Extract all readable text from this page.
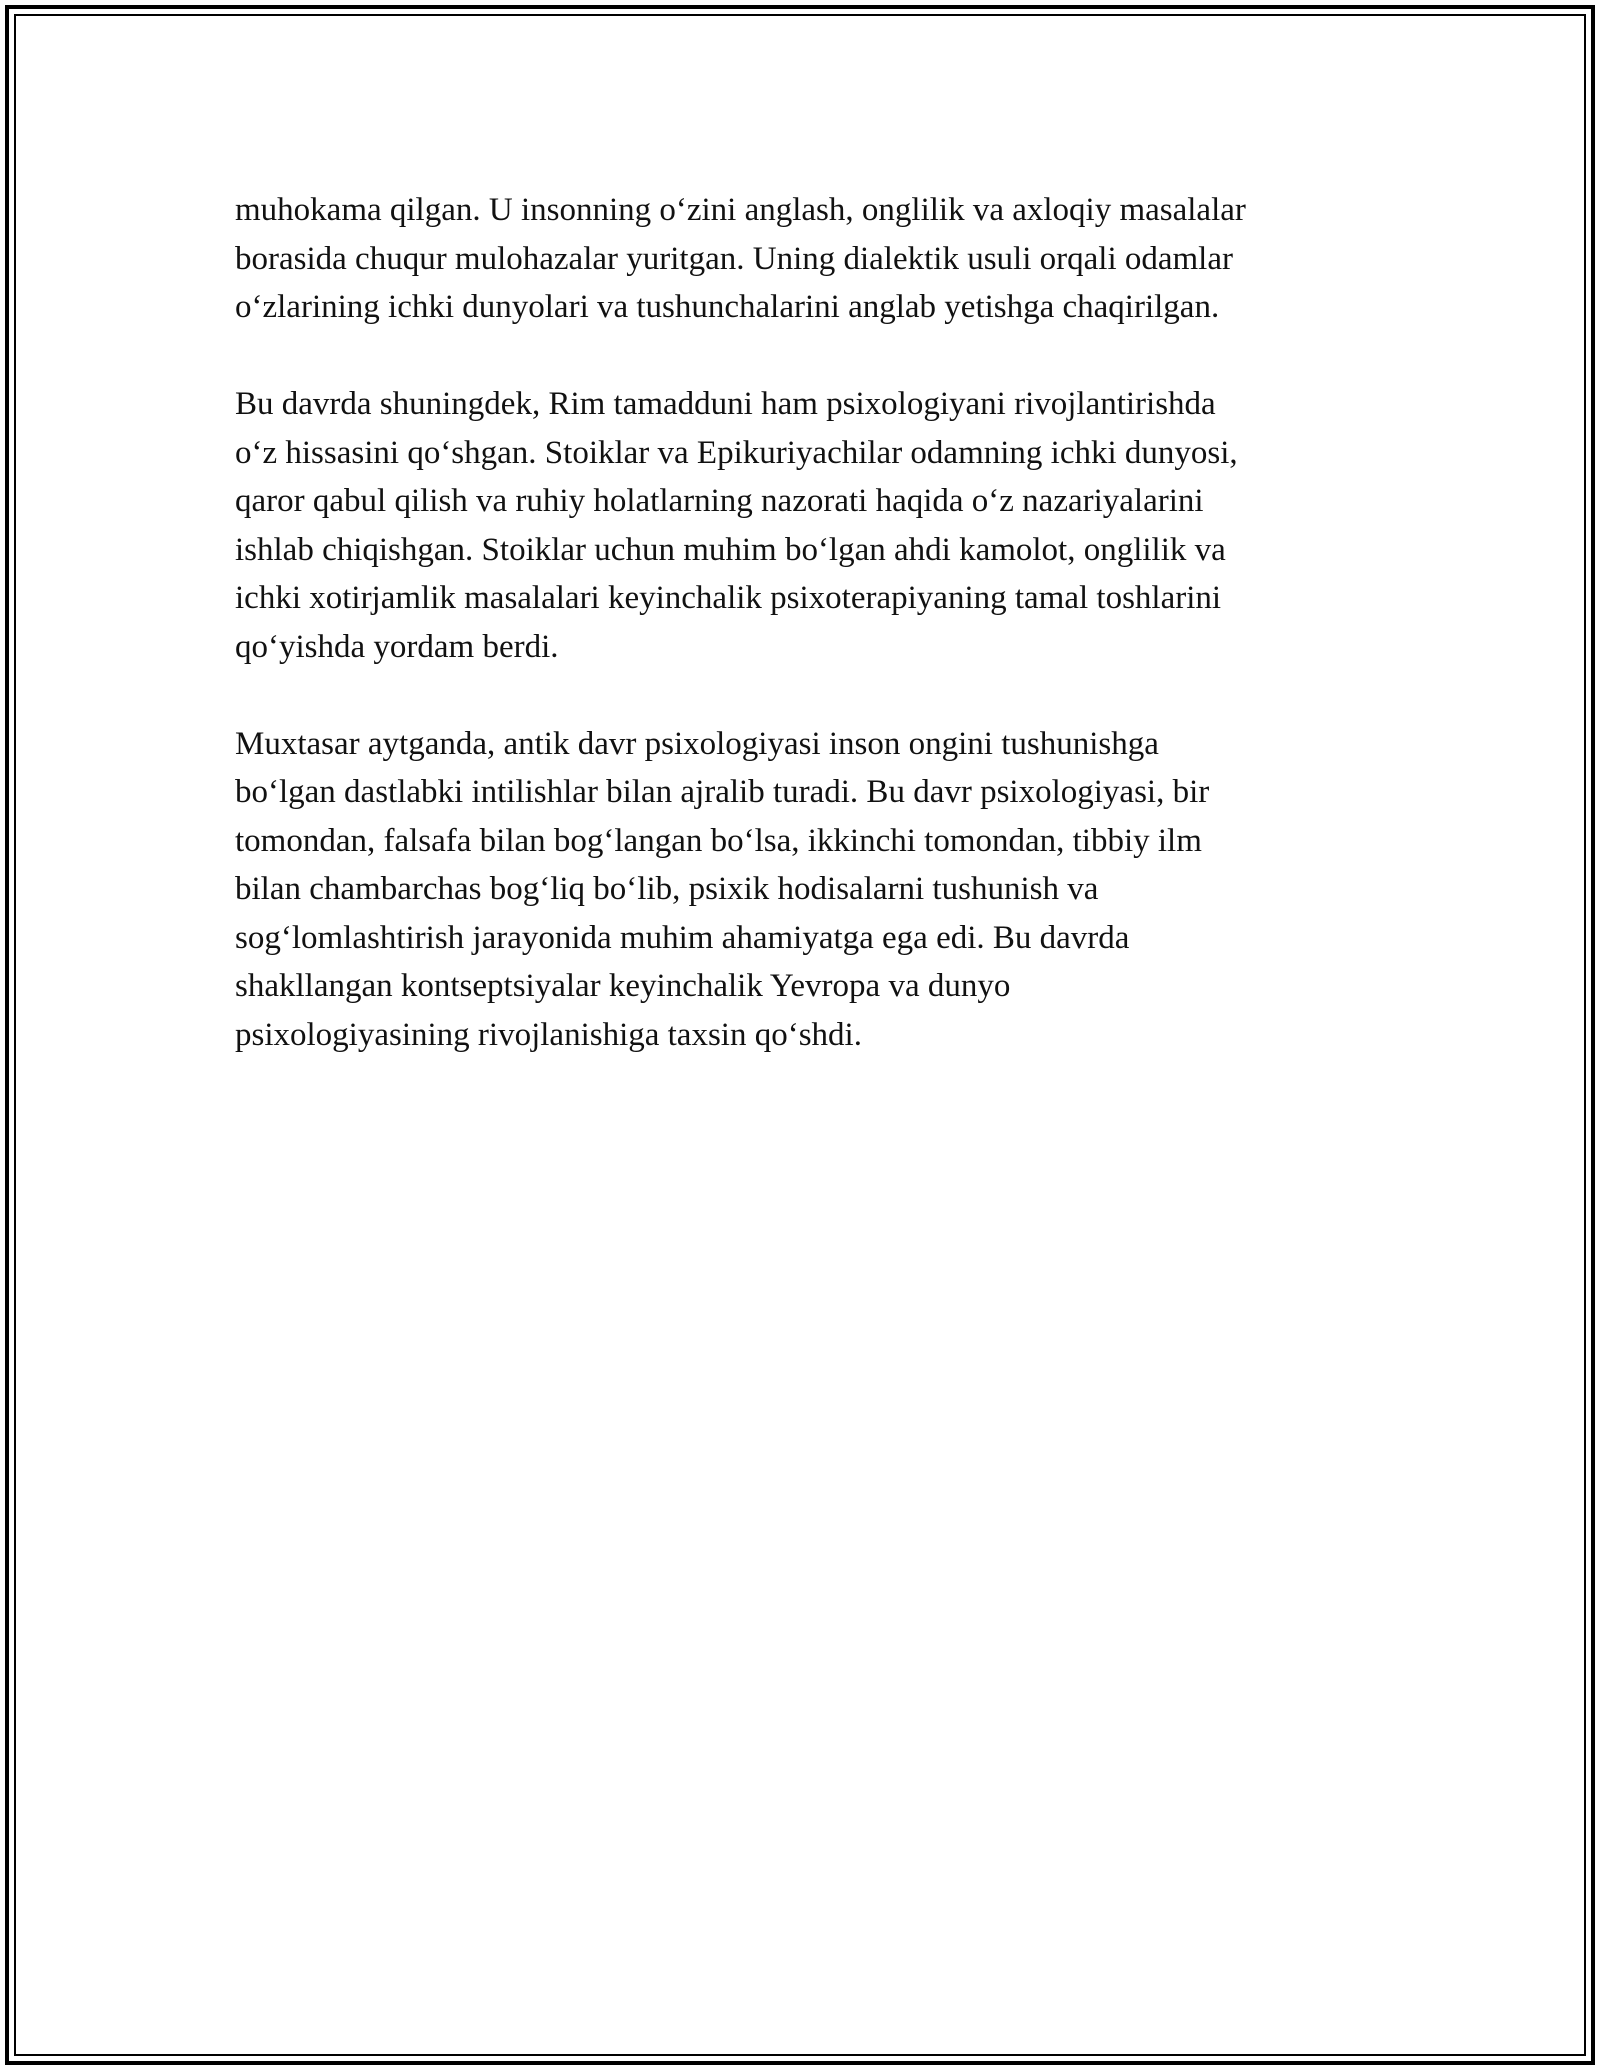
muhokama qilgan. U insonning o‘zini anglash, onglilik va axloqiy masalalar
borasida chuqur mulohazalar yuritgan. Uning dialektik usuli orqali odamlar
o‘zlarining ichki dunyolari va tushunchalarini anglab yetishga chaqirilgan.

Bu davrda shuningdek, Rim tamadduni ham psixologiyani rivojlantirishda
o‘z hissasini qo‘shgan. Stoiklar va Epikuriyachilar odamning ichki dunyosi,
qaror qabul qilish va ruhiy holatlarning nazorati haqida o‘z nazariyalarini
ishlab chiqishgan. Stoiklar uchun muhim bo‘lgan ahdi kamolot, onglilik va
ichki xotirjamlik masalalari keyinchalik psixoterapiyaning tamal toshlarini
qo‘yishda yordam berdi.

Muxtasar aytganda, antik davr psixologiyasi inson ongini tushunishga
bo‘lgan dastlabki intilishlar bilan ajralib turadi. Bu davr psixologiyasi, bir
tomondan, falsafa bilan bog‘langan bo‘lsa, ikkinchi tomondan, tibbiy ilm
bilan chambarchas bog‘liq bo‘lib, psixik hodisalarni tushunish va
sog‘lomlashtirish jarayonida muhim ahamiyatga ega edi. Bu davrda
shakllangan kontseptsiyalar keyinchalik Yevropa va dunyo
psixologiyasining rivojlanishiga taxsin qo‘shdi.
